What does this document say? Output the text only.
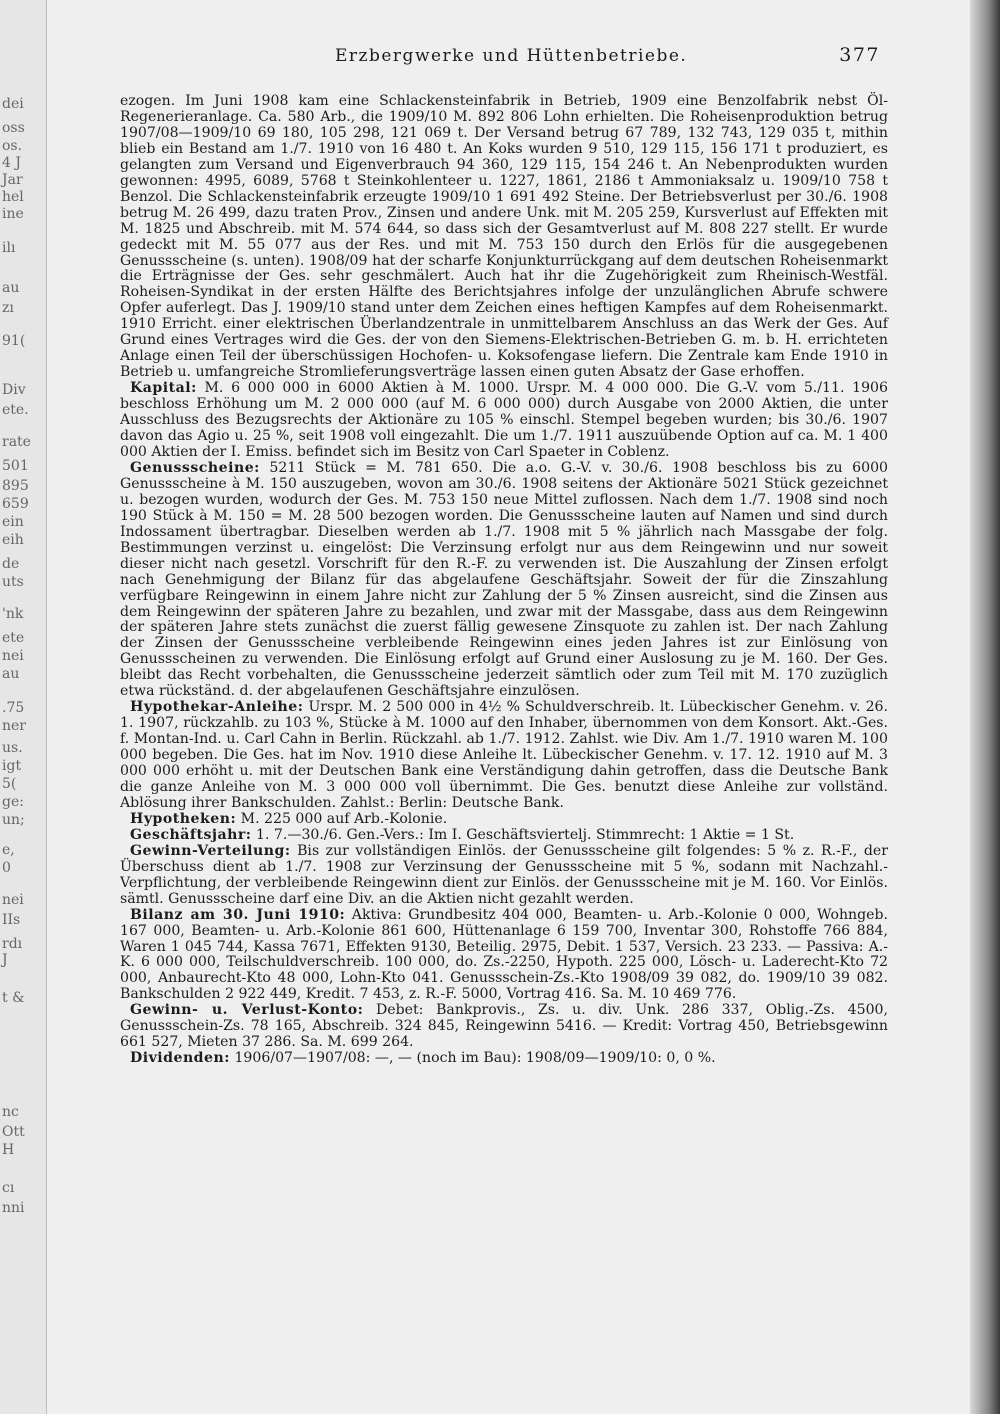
dei
oss
os.
4 J
Jar
hel
ine
ilı
au
zı
91(
Div
ete.
rate
501
895
659
ein
eih
de
uts
'nk
ete
nei
au
.75
ner
us.
igt
5(
ge:
un;
e,
0
nei
IIs
rdı
J
t &
nc
Ott
H
cı
nni
Erzbergwerke und Hüttenbetriebe.	377

ezogen. Im Juni 1908 kam eine Schlackensteinfabrik in Betrieb, 1909 eine Benzolfabrik nebst Öl-Regenerieranlage. Ca. 580 Arb., die 1909/10 M. 892 806 Lohn erhielten. Die Roheisenproduktion betrug 1907/08—1909/10 69 180, 105 298, 121 069 t. Der Versand betrug 67 789, 132 743, 129 035 t, mithin blieb ein Bestand am 1./7. 1910 von 16 480 t. An Koks wurden 9 510, 129 115, 156 171 t produziert, es gelangten zum Versand und Eigenverbrauch 94 360, 129 115, 154 246 t. An Nebenprodukten wurden gewonnen: 4995, 6089, 5768 t Steinkohlenteer u. 1227, 1861, 2186 t Ammoniaksalz u. 1909/10 758 t Benzol. Die Schlackensteinfabrik erzeugte 1909/10 1 691 492 Steine. Der Betriebsverlust per 30./6. 1908 betrug M. 26 499, dazu traten Prov., Zinsen und andere Unk. mit M. 205 259, Kursverlust auf Effekten mit M. 1825 und Abschreib. mit M. 574 644, so dass sich der Gesamtverlust auf M. 808 227 stellt. Er wurde gedeckt mit M. 55 077 aus der Res. und mit M. 753 150 durch den Erlös für die ausgegebenen Genussscheine (s. unten). 1908/09 hat der scharfe Konjunkturrückgang auf dem deutschen Roheisenmarkt die Erträgnisse der Ges. sehr geschmälert. Auch hat ihr die Zugehörigkeit zum Rheinisch-Westfäl. Roheisen-Syndikat in der ersten Hälfte des Berichtsjahres infolge der unzulänglichen Abrufe schwere Opfer auferlegt. Das J. 1909/10 stand unter dem Zeichen eines heftigen Kampfes auf dem Roheisenmarkt. 1910 Erricht. einer elektrischen Überlandzentrale in unmittelbarem Anschluss an das Werk der Ges. Auf Grund eines Vertrages wird die Ges. der von den Siemens-Elektrischen-Betrieben G. m. b. H. errichteten Anlage einen Teil der überschüssigen Hochofen- u. Koksofengase liefern. Die Zentrale kam Ende 1910 in Betrieb u. umfangreiche Stromlieferungsverträge lassen einen guten Absatz der Gase erhoffen.

Kapital: M. 6 000 000 in 6000 Aktien à M. 1000. Urspr. M. 4 000 000. Die G.-V. vom 5./11. 1906 beschloss Erhöhung um M. 2 000 000 (auf M. 6 000 000) durch Ausgabe von 2000 Aktien, die unter Ausschluss des Bezugsrechts der Aktionäre zu 105 % einschl. Stempel begeben wurden; bis 30./6. 1907 davon das Agio u. 25 %, seit 1908 voll eingezahlt. Die um 1./7. 1911 auszuübende Option auf ca. M. 1 400 000 Aktien der I. Emiss. befindet sich im Besitz von Carl Spaeter in Coblenz.

Genussscheine: 5211 Stück = M. 781 650. Die a.o. G.-V. v. 30./6. 1908 beschloss bis zu 6000 Genussscheine à M. 150 auszugeben, wovon am 30./6. 1908 seitens der Aktionäre 5021 Stück gezeichnet u. bezogen wurden, wodurch der Ges. M. 753 150 neue Mittel zuflossen. Nach dem 1./7. 1908 sind noch 190 Stück à M. 150 = M. 28 500 bezogen worden. Die Genussscheine lauten auf Namen und sind durch Indossament übertragbar. Dieselben werden ab 1./7. 1908 mit 5 % jährlich nach Massgabe der folg. Bestimmungen verzinst u. eingelöst: Die Verzinsung erfolgt nur aus dem Reingewinn und nur soweit dieser nicht nach gesetzl. Vorschrift für den R.-F. zu verwenden ist. Die Auszahlung der Zinsen erfolgt nach Genehmigung der Bilanz für das abgelaufene Geschäftsjahr. Soweit der für die Zinszahlung verfügbare Reingewinn in einem Jahre nicht zur Zahlung der 5 % Zinsen ausreicht, sind die Zinsen aus dem Reingewinn der späteren Jahre zu bezahlen, und zwar mit der Massgabe, dass aus dem Reingewinn der späteren Jahre stets zunächst die zuerst fällig gewesene Zinsquote zu zahlen ist. Der nach Zahlung der Zinsen der Genussscheine verbleibende Reingewinn eines jeden Jahres ist zur Einlösung von Genussscheinen zu verwenden. Die Einlösung erfolgt auf Grund einer Auslosung zu je M. 160. Der Ges. bleibt das Recht vorbehalten, die Genussscheine jederzeit sämtlich oder zum Teil mit M. 170 zuzüglich etwa rückständ. d. der abgelaufenen Geschäftsjahre einzulösen.

Hypothekar-Anleihe: Urspr. M. 2 500 000 in 4½ % Schuldverschreib. lt. Lübeckischer Genehm. v. 26. 1. 1907, rückzahlb. zu 103 %, Stücke à M. 1000 auf den Inhaber, übernommen von dem Konsort. Akt.-Ges. f. Montan-Ind. u. Carl Cahn in Berlin. Rückzahl. ab 1./7. 1912. Zahlst. wie Div. Am 1./7. 1910 waren M. 100 000 begeben. Die Ges. hat im Nov. 1910 diese Anleihe lt. Lübeckischer Genehm. v. 17. 12. 1910 auf M. 3 000 000 erhöht u. mit der Deutschen Bank eine Verständigung dahin getroffen, dass die Deutsche Bank die ganze Anleihe von M. 3 000 000 voll übernimmt. Die Ges. benutzt diese Anleihe zur vollständ. Ablösung ihrer Bankschulden. Zahlst.: Berlin: Deutsche Bank.

Hypotheken: M. 225 000 auf Arb.-Kolonie.

Geschäftsjahr: 1. 7.—30./6. Gen.-Vers.: Im I. Geschäftsviertelj. Stimmrecht: 1 Aktie = 1 St.

Gewinn-Verteilung: Bis zur vollständigen Einlös. der Genussscheine gilt folgendes: 5 % z. R.-F., der Überschuss dient ab 1./7. 1908 zur Verzinsung der Genussscheine mit 5 %, sodann mit Nachzahl.-Verpflichtung, der verbleibende Reingewinn dient zur Einlös. der Genussscheine mit je M. 160. Vor Einlös. sämtl. Genussscheine darf eine Div. an die Aktien nicht gezahlt werden.

Bilanz am 30. Juni 1910: Aktiva: Grundbesitz 404 000, Beamten- u. Arb.-Kolonie 0 000, Wohngeb. 167 000, Beamten- u. Arb.-Kolonie 861 600, Hüttenanlage 6 159 700, Inventar 300, Rohstoffe 766 884, Waren 1 045 744, Kassa 7671, Effekten 9130, Beteilig. 2975, Debit. 1 537, Versich. 23 233. — Passiva: A.-K. 6 000 000, Teilschuldverschreib. 100 000, do. Zs.-2250, Hypoth. 225 000, Lösch- u. Laderecht-Kto 72 000, Anbaurecht-Kto 48 000, Lohn-Kto 041. Genussschein-Zs.-Kto 1908/09 39 082, do. 1909/10 39 082. Bankschulden 2 922 449, Kredit. 7 453, z. R.-F. 5000, Vortrag 416. Sa. M. 10 469 776.

Gewinn- u. Verlust-Konto: Debet: Bankprovis., Zs. u. div. Unk. 286 337, Oblig.-Zs. 4500, Genussschein-Zs. 78 165, Abschreib. 324 845, Reingewinn 5416. — Kredit: Vortrag 450, Betriebsgewinn 661 527, Mieten 37 286. Sa. M. 699 264.

Dividenden: 1906/07—1907/08: —, — (noch im Bau): 1908/09—1909/10: 0, 0 %.
